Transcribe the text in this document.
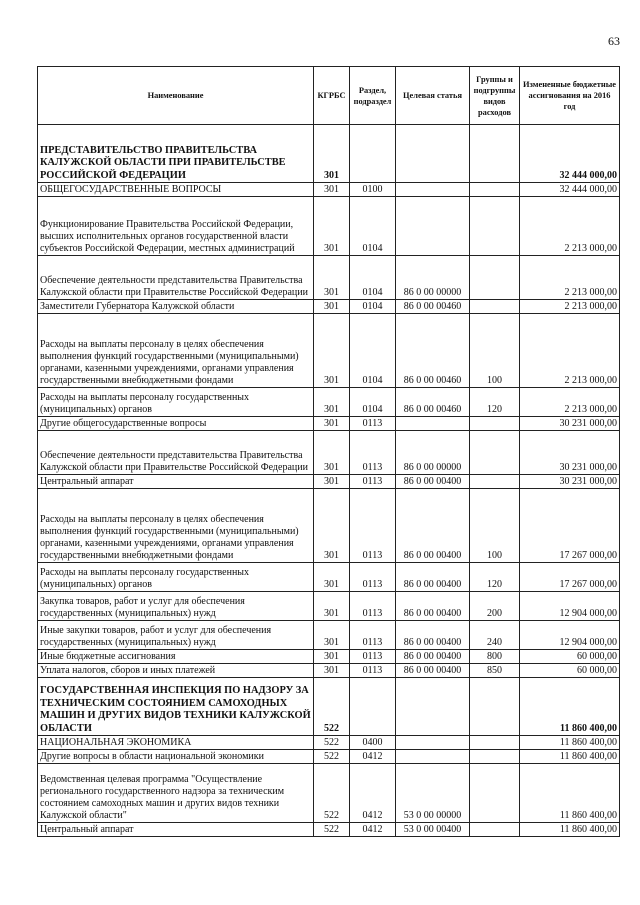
63
Наименование	КГРБС	Раздел, подраздел	Целевая статья	Группы и подгруппы видов расходов	Измененные бюджетные ассигнования на 2016 год
ПРЕДСТАВИТЕЛЬСТВО ПРАВИТЕЛЬСТВА КАЛУЖСКОЙ ОБЛАСТИ ПРИ ПРАВИТЕЛЬСТВЕ РОССИЙСКОЙ ФЕДЕРАЦИИ	301				32 444 000,00
ОБЩЕГОСУДАРСТВЕННЫЕ ВОПРОСЫ	301	0100			32 444 000,00
Функционирование Правительства Российской Федерации, высших исполнительных органов государственной власти субъектов Российской Федерации, местных администраций	301	0104			2 213 000,00
Обеспечение деятельности представительства Правительства Калужской области при Правительстве Российской Федерации	301	0104	86 0 00 00000		2 213 000,00
Заместители Губернатора Калужской области	301	0104	86 0 00 00460		2 213 000,00
Расходы на выплаты персоналу в целях обеспечения выполнения функций государственными (муниципальными) органами, казенными учреждениями, органами управления государственными внебюджетными фондами	301	0104	86 0 00 00460	100	2 213 000,00
Расходы на выплаты персоналу государственных (муниципальных) органов	301	0104	86 0 00 00460	120	2 213 000,00
Другие общегосударственные вопросы	301	0113			30 231 000,00
Обеспечение деятельности представительства Правительства Калужской области при Правительстве Российской Федерации	301	0113	86 0 00 00000		30 231 000,00
Центральный аппарат	301	0113	86 0 00 00400		30 231 000,00
Расходы на выплаты персоналу в целях обеспечения выполнения функций государственными (муниципальными) органами, казенными учреждениями, органами управления государственными внебюджетными фондами	301	0113	86 0 00 00400	100	17 267 000,00
Расходы на выплаты персоналу государственных (муниципальных) органов	301	0113	86 0 00 00400	120	17 267 000,00
Закупка товаров, работ и услуг для обеспечения государственных (муниципальных) нужд	301	0113	86 0 00 00400	200	12 904 000,00
Иные закупки товаров, работ и услуг для обеспечения государственных (муниципальных) нужд	301	0113	86 0 00 00400	240	12 904 000,00
Иные бюджетные ассигнования	301	0113	86 0 00 00400	800	60 000,00
Уплата налогов, сборов и иных платежей	301	0113	86 0 00 00400	850	60 000,00
ГОСУДАРСТВЕННАЯ ИНСПЕКЦИЯ ПО НАДЗОРУ ЗА ТЕХНИЧЕСКИМ СОСТОЯНИЕМ САМОХОДНЫХ МАШИН И ДРУГИХ ВИДОВ ТЕХНИКИ КАЛУЖСКОЙ ОБЛАСТИ	522				11 860 400,00
НАЦИОНАЛЬНАЯ ЭКОНОМИКА	522	0400			11 860 400,00
Другие вопросы в области национальной экономики	522	0412			11 860 400,00
Ведомственная целевая программа "Осуществление регионального государственного надзора за техническим состоянием самоходных машин и других видов техники Калужской области"	522	0412	53 0 00 00000		11 860 400,00
Центральный аппарат	522	0412	53 0 00 00400		11 860 400,00
